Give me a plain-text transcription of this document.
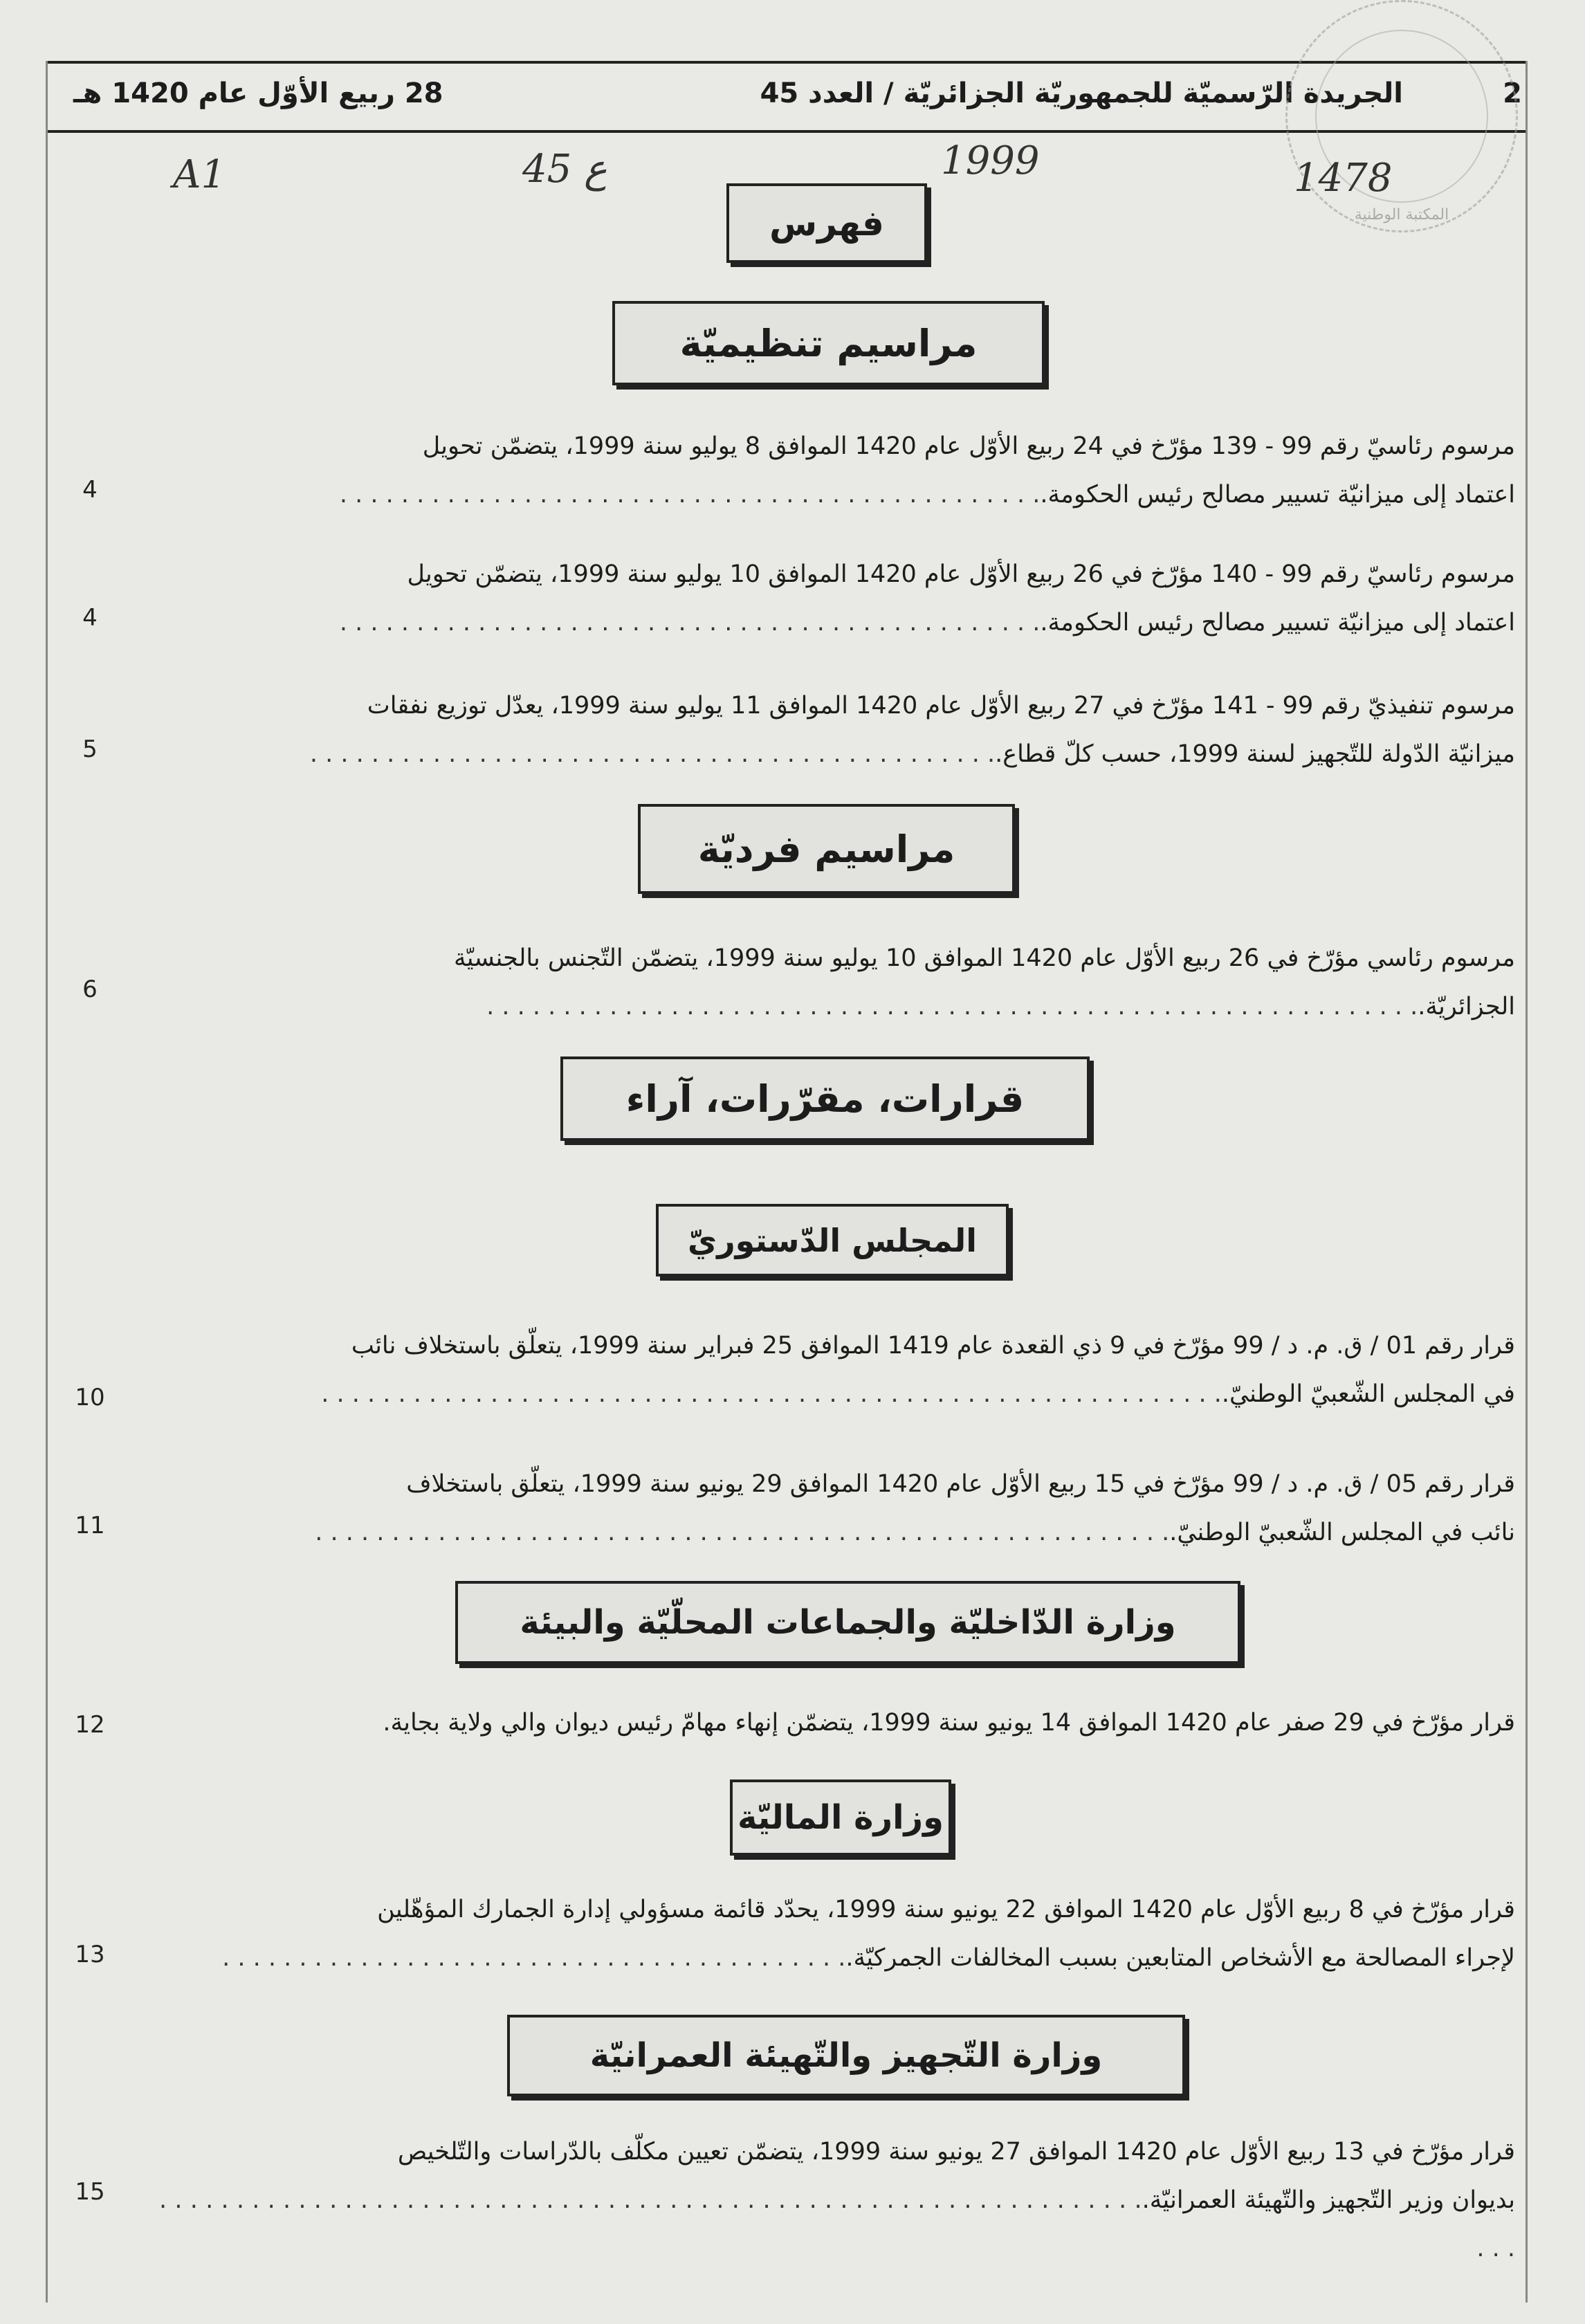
2
الجريدة الرّسميّة للجمهوريّة الجزائريّة / العدد 45
28 ربيع الأوّل عام 1420 هـ
المكتبة الوطنية
A1	45 ع	1999	1478
فهرس
مراسيم تنظيميّة
مرسوم رئاسيّ رقم 99 - 139 مؤرّخ في 24 ربيع الأوّل عام 1420 الموافق 8 يوليو سنة 1999، يتضمّن تحويل
اعتماد إلى ميزانيّة تسيير مصالح رئيس الحكومة.. . . . . . . . . . . . . . . . . . . . . . . . . . . . . . . . . . . . . . . . . . . . . .
4
مرسوم رئاسيّ رقم 99 - 140 مؤرّخ في 26 ربيع الأوّل عام 1420 الموافق 10 يوليو سنة 1999، يتضمّن تحويل
اعتماد إلى ميزانيّة تسيير مصالح رئيس الحكومة.. . . . . . . . . . . . . . . . . . . . . . . . . . . . . . . . . . . . . . . . . . . . . .
4
مرسوم تنفيذيّ رقم 99 - 141 مؤرّخ في 27 ربيع الأوّل عام 1420 الموافق 11 يوليو سنة 1999، يعدّل توزيع نفقات
ميزانيّة الدّولة للتّجهيز لسنة 1999، حسب كلّ قطاع.. . . . . . . . . . . . . . . . . . . . . . . . . . . . . . . . . . . . . . . . . . . . .
5
مراسيم فرديّة
مرسوم رئاسي مؤرّخ في 26 ربيع الأوّل عام 1420 الموافق 10 يوليو سنة 1999، يتضمّن التّجنس بالجنسيّة
الجزائريّة.. . . . . . . . . . . . . . . . . . . . . . . . . . . . . . . . . . . . . . . . . . . . . . . . . . . . . . . . . . . . .
6
قرارات، مقرّرات، آراء
المجلس الدّستوريّ
قرار رقم 01 / ق. م. د / 99 مؤرّخ في 9 ذي القعدة عام 1419 الموافق 25 فبراير سنة 1999، يتعلّق باستخلاف نائب
في المجلس الشّعبيّ الوطنيّ.. . . . . . . . . . . . . . . . . . . . . . . . . . . . . . . . . . . . . . . . . . . . . . . . . . . . . . . . . . .
10
قرار رقم 05 / ق. م. د / 99 مؤرّخ في 15 ربيع الأوّل عام 1420 الموافق 29 يونيو سنة 1999، يتعلّق باستخلاف
نائب في المجلس الشّعبيّ الوطنيّ.. . . . . . . . . . . . . . . . . . . . . . . . . . . . . . . . . . . . . . . . . . . . . . . . . . . . . . . .
11
وزارة الدّاخليّة والجماعات المحلّيّة والبيئة
قرار مؤرّخ في 29 صفر عام 1420 الموافق 14 يونيو سنة 1999، يتضمّن إنهاء مهامّ رئيس ديوان والي ولاية بجاية.
12
وزارة الماليّة
قرار مؤرّخ في 8 ربيع الأوّل عام 1420 الموافق 22 يونيو سنة 1999، يحدّد قائمة مسؤولي إدارة الجمارك المؤهّلين
لإجراء المصالحة مع الأشخاص المتابعين بسبب المخالفات الجمركيّة.. . . . . . . . . . . . . . . . . . . . . . . . . . . . . . . . . . . . . . . . .
13
وزارة التّجهيز والتّهيئة العمرانيّة
قرار مؤرّخ في 13 ربيع الأوّل عام 1420 الموافق 27 يونيو سنة 1999، يتضمّن تعيين مكلّف بالدّراسات والتّلخيص
بديوان وزير التّجهيز والتّهيئة العمرانيّة.. . . . . . . . . . . . . . . . . . . . . . . . . . . . . . . . . . . . . . . . . . . . . . . . . . . . . . . . . . . . . . . . . . .
15
